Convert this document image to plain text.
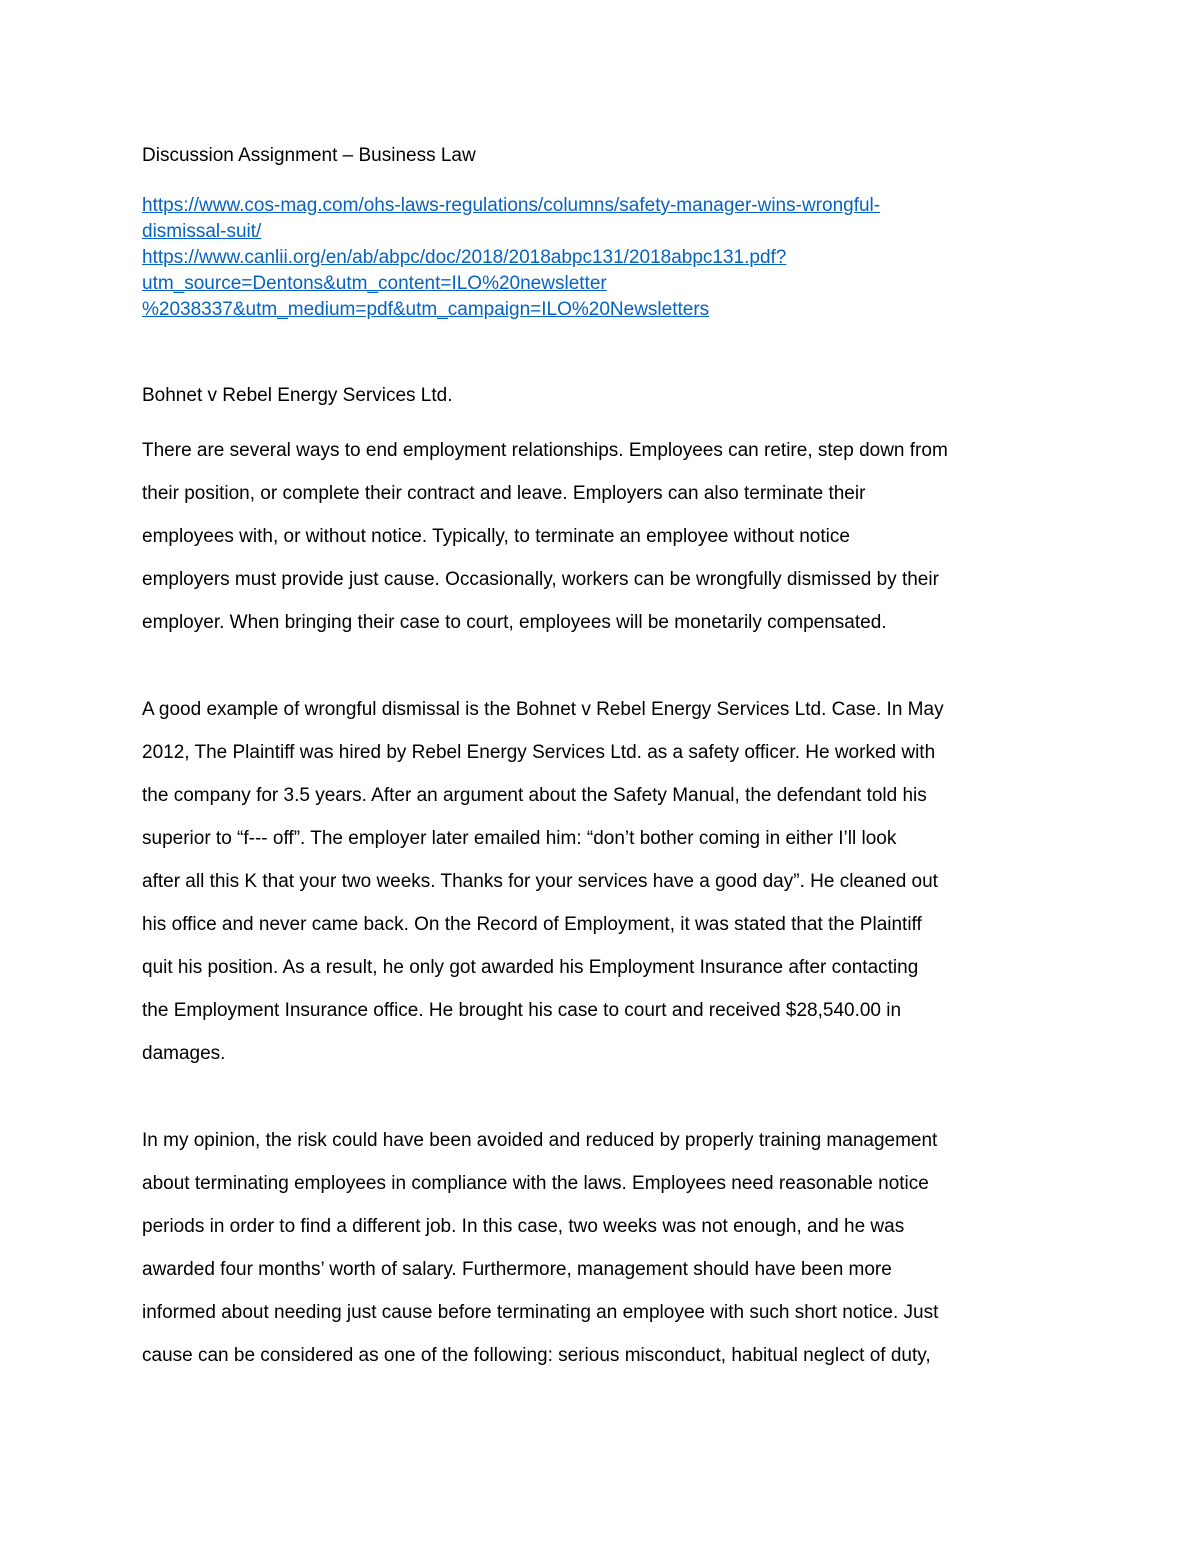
Discussion Assignment – Business Law
https://www.cos-mag.com/ohs-laws-regulations/columns/safety-manager-wins-wrongful-
dismissal-suit/
https://www.canlii.org/en/ab/abpc/doc/2018/2018abpc131/2018abpc131.pdf?
utm_source=Dentons&utm_content=ILO%20newsletter
%2038337&utm_medium=pdf&utm_campaign=ILO%20Newsletters
Bohnet v Rebel Energy Services Ltd.
There are several ways to end employment relationships. Employees can retire, step down from
their position, or complete their contract and leave. Employers can also terminate their
employees with, or without notice. Typically, to terminate an employee without notice
employers must provide just cause. Occasionally, workers can be wrongfully dismissed by their
employer. When bringing their case to court, employees will be monetarily compensated.
A good example of wrongful dismissal is the Bohnet v Rebel Energy Services Ltd. Case. In May
2012, The Plaintiff was hired by Rebel Energy Services Ltd. as a safety officer. He worked with
the company for 3.5 years. After an argument about the Safety Manual, the defendant told his
superior to “f--- off”. The employer later emailed him: “don’t bother coming in either I’ll look
after all this K that your two weeks. Thanks for your services have a good day”. He cleaned out
his office and never came back. On the Record of Employment, it was stated that the Plaintiff
quit his position. As a result, he only got awarded his Employment Insurance after contacting
the Employment Insurance office. He brought his case to court and received $28,540.00 in
damages.
In my opinion, the risk could have been avoided and reduced by properly training management
about terminating employees in compliance with the laws. Employees need reasonable notice
periods in order to find a different job. In this case, two weeks was not enough, and he was
awarded four months’ worth of salary. Furthermore, management should have been more
informed about needing just cause before terminating an employee with such short notice. Just
cause can be considered as one of the following: serious misconduct, habitual neglect of duty,
